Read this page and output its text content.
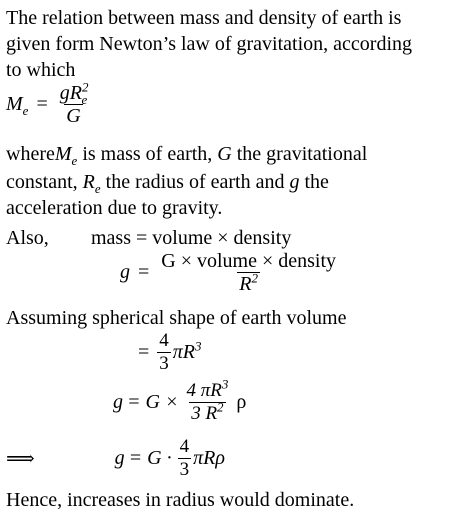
The relation between mass and density of earth is
given form Newton’s law of gravitation, according
to which
$M_e = \frac{gR^2_e}{G}$
whereM$_e$ is mass of earth, G the gravitational
constant, $R_e$ the radius of earth and g the
acceleration due to gravity.
Also, mass = volume × density
$g = \frac{\text{G × volume × density}}{R^2}$
Assuming spherical shape of earth volume
= $\frac{4}{3} \pi R^3$
$g = G \times \frac{4 \pi R^3}{3 R^2}$ ρ
⟹	$g = G \cdot \frac{4}{3}$ πRρ
Hence, increases in radius would dominate.
